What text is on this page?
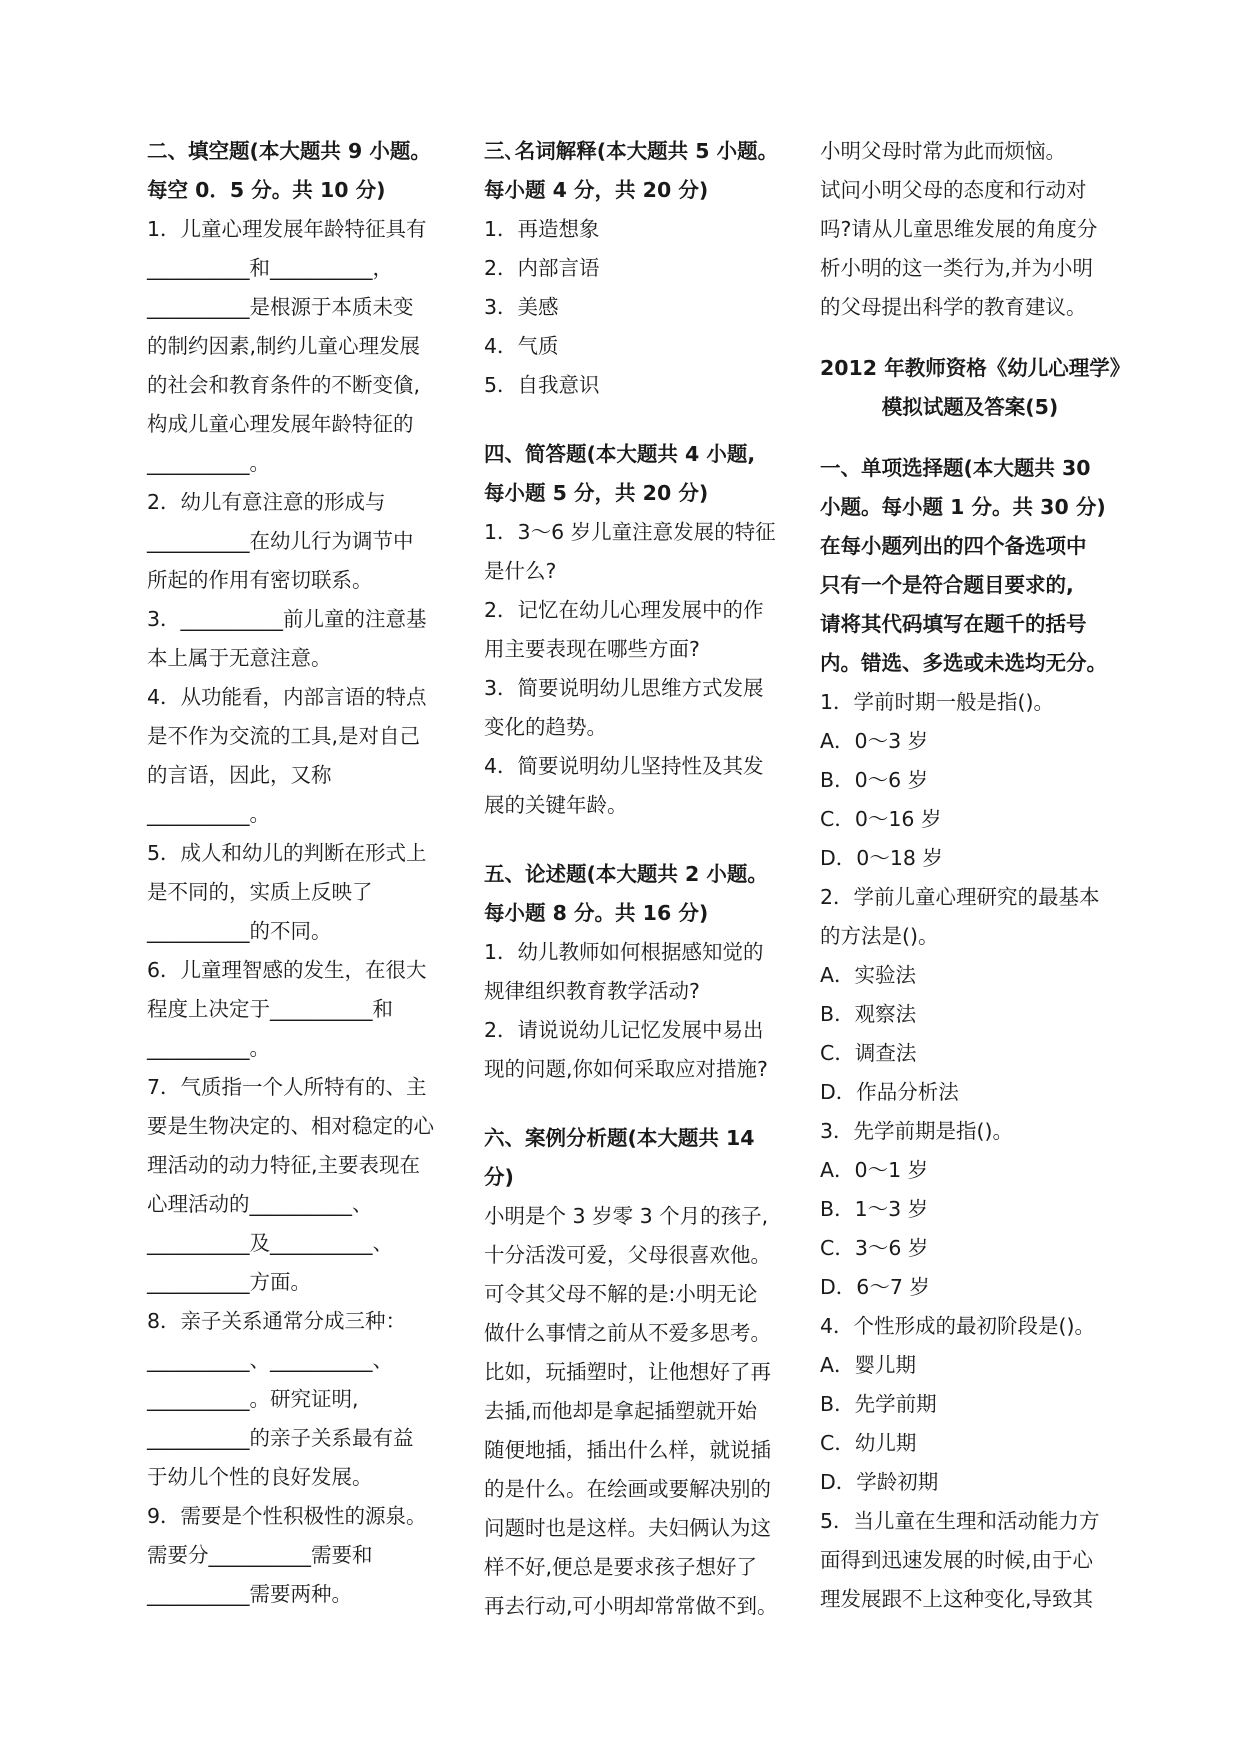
二、填空题(本大题共 9 小题。
每空 0．5 分。共 10 分)
1．儿童心理发展年龄特征具有
__________和__________，
__________是根源于本质未变
的制约因素,制约儿童心理发展
的社会和教育条件的不断变僋,
构成儿童心理发展年龄特征的
__________。
2．幼儿有意注意的形成与
__________在幼儿行为调节中
所起的作用有密切联系。
3．__________前儿童的注意基
本上属于无意注意。
4．从功能看，内部言语的特点
是不作为交流的工具,是对自己
的言语，因此，又称
__________。
5．成人和幼儿的判断在形式上
是不同的，实质上反映了
__________的不同。
6．儿童理智感的发生，在很大
程度上决定于__________和
__________。
7．气质指一个人所特有的、主
要是生物决定的、相对稳定的心
理活动的动力特征,主要表现在
心理活动的__________、
__________及__________、
__________方面。
8．亲子关系通常分成三种：
__________、__________、
__________。研究证明,
__________的亲子关系最有益
于幼儿个性的良好发展。
9．需要是个性积极性的源泉。
需要分__________需要和
__________需要两种。
三､名词解释(本大题共 5 小题。
每小题 4 分，共 20 分)
1．再造想象
2．内部言语
3．美感
4．气质
5．自我意识
四、简答题(本大题共 4 小题,
每小题 5 分，共 20 分)
1．3～6 岁儿童注意发展的特征
是什么?
2．记忆在幼儿心理发展中的作
用主要表现在哪些方面?
3．简要说明幼儿思维方式发展
变化的趋势。
4．简要说明幼儿坚持性及其发
展的关键年龄。
五、论述题(本大题共 2 小题。
每小题 8 分。共 16 分)
1．幼儿教师如何根据感知觉的
规律组织教育教学活动?
2．请说说幼儿记忆发展中易出
现的问题,你如何采取应对措施?
六、案例分析题(本大题共 14
分)
小明是个 3 岁零 3 个月的孩子,
十分活泼可爱，父母很喜欢他。
可令其父母不解的是:小明无论
做什么事情之前从不爱多思考。
比如，玩插塑时，让他想好了再
去插,而他却是拿起插塑就开始
随便地插，插出什么样，就说插
的是什么。在绘画或要解决别的
问题时也是这样。夫妇俩认为这
样不好,便总是要求孩子想好了
再去行动,可小明却常常做不到。
小明父母时常为此而烦恼。
试问小明父母的态度和行动对
吗?请从儿童思维发展的角度分
析小明的这一类行为,并为小明
的父母提出科学的教育建议。
2012 年教师资格《幼儿心理学》
模拟试题及答案(5)
一、单项选择题(本大题共 30
小题。每小题 1 分。共 30 分)
在每小题列出的四个备选项中
只有一个是符合题目要求的,
请将其代码填写在题千的括号
内。错选、多选或未选均无分。
1．学前时期一般是指()。
A．0～3 岁
B．0～6 岁
C．0～16 岁
D．0～18 岁
2．学前儿童心理研究的最基本
的方法是()。
A．实验法
B．观察法
C．调查法
D．作品分析法
3．先学前期是指()。
A．0～1 岁
B．1～3 岁
C．3～6 岁
D．6～7 岁
4．个性形成的最初阶段是()。
A．婴儿期
B．先学前期
C．幼儿期
D．学龄初期
5．当儿童在生理和活动能力方
面得到迅速发展的时候,由于心
理发展跟不上这种变化,导致其
